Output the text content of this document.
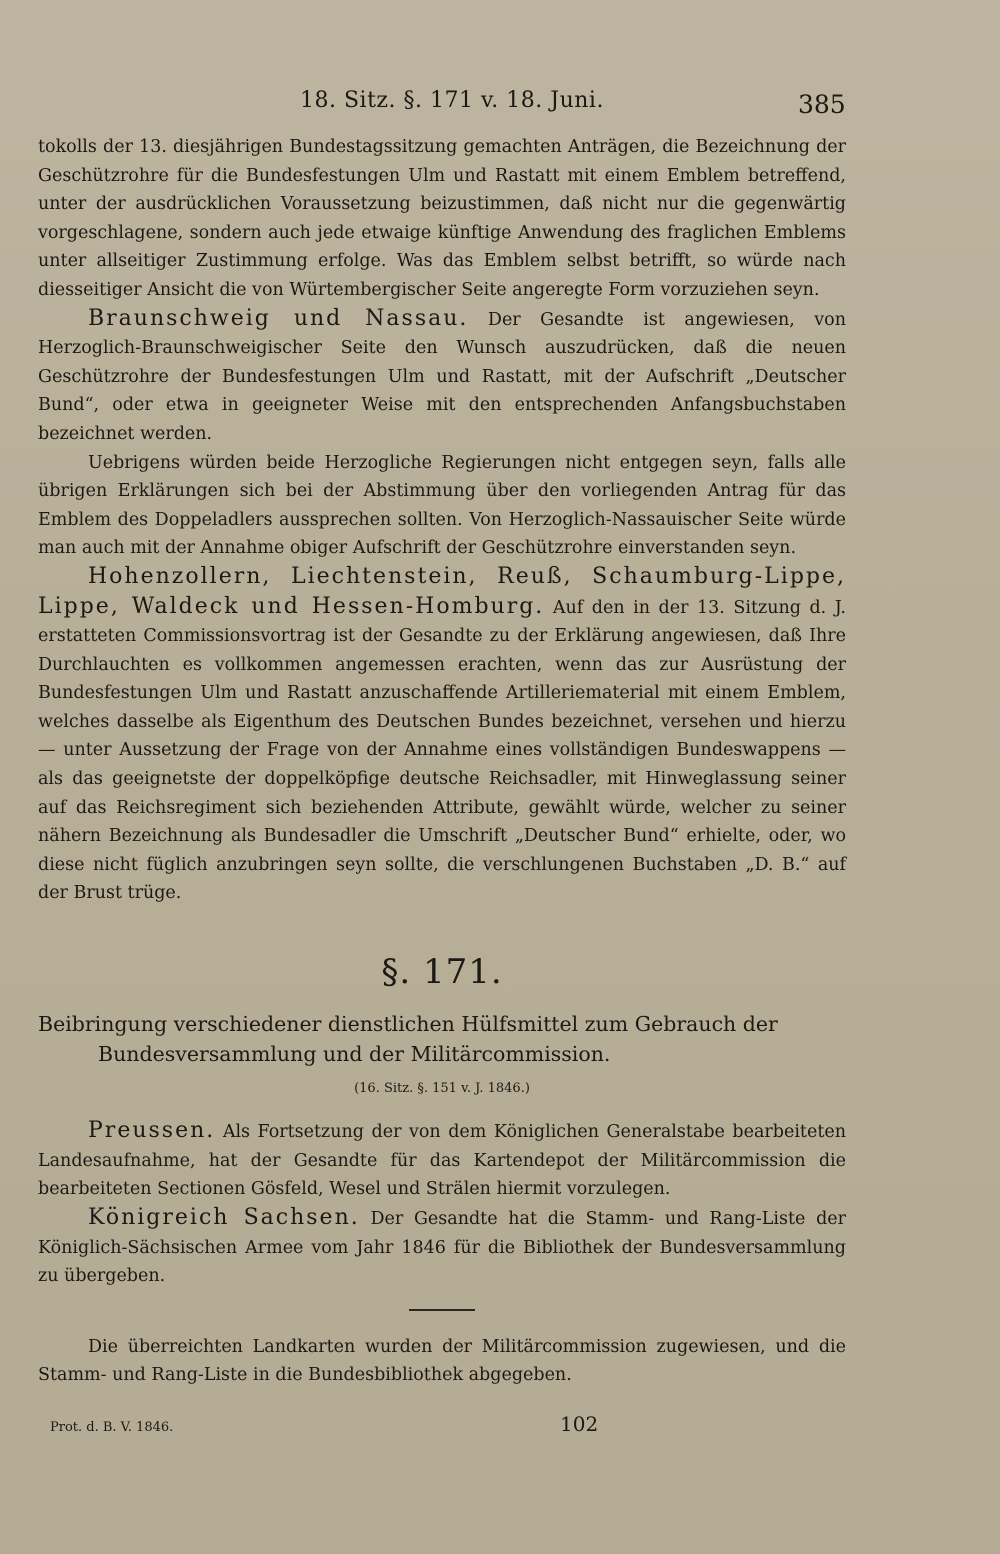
18. Sitz. §. 171 v. 18. Juni.	385

tokolls der 13. diesjährigen Bundestagssitzung gemachten Anträgen, die Bezeichnung der Geschützrohre für die Bundesfestungen Ulm und Rastatt mit einem Emblem betreffend, unter der ausdrücklichen Voraussetzung beizustimmen, daß nicht nur die gegenwärtig vorgeschlagene, sondern auch jede etwaige künftige Anwendung des fraglichen Emblems unter allseitiger Zustimmung erfolge. Was das Emblem selbst betrifft, so würde nach diesseitiger Ansicht die von Würtembergischer Seite angeregte Form vorzuziehen seyn.

Braunschweig und Nassau. Der Gesandte ist angewiesen, von Herzoglich-Braunschweigischer Seite den Wunsch auszudrücken, daß die neuen Geschützrohre der Bundesfestungen Ulm und Rastatt, mit der Aufschrift „Deutscher Bund“, oder etwa in geeigneter Weise mit den entsprechenden Anfangsbuchstaben bezeichnet werden.

Uebrigens würden beide Herzogliche Regierungen nicht entgegen seyn, falls alle übrigen Erklärungen sich bei der Abstimmung über den vorliegenden Antrag für das Emblem des Doppeladlers aussprechen sollten. Von Herzoglich-Nassauischer Seite würde man auch mit der Annahme obiger Aufschrift der Geschützrohre einverstanden seyn.

Hohenzollern, Liechtenstein, Reuß, Schaumburg-Lippe, Lippe, Waldeck und Hessen-Homburg. Auf den in der 13. Sitzung d. J. erstatteten Commissionsvortrag ist der Gesandte zu der Erklärung angewiesen, daß Ihre Durchlauchten es vollkommen angemessen erachten, wenn das zur Ausrüstung der Bundesfestungen Ulm und Rastatt anzuschaffende Artilleriematerial mit einem Emblem, welches dasselbe als Eigenthum des Deutschen Bundes bezeichnet, versehen und hierzu — unter Aussetzung der Frage von der Annahme eines vollständigen Bundeswappens — als das geeignetste der doppelköpfige deutsche Reichsadler, mit Hinweglassung seiner auf das Reichsregiment sich beziehenden Attribute, gewählt würde, welcher zu seiner nähern Bezeichnung als Bundesadler die Umschrift „Deutscher Bund“ erhielte, oder, wo diese nicht füglich anzubringen seyn sollte, die verschlungenen Buchstaben „D. B.“ auf der Brust trüge.

§. 171.

Beibringung verschiedener dienstlichen Hülfsmittel zum Gebrauch der Bundesversammlung und der Militärcommission.

(16. Sitz. §. 151 v. J. 1846.)

Preussen. Als Fortsetzung der von dem Königlichen Generalstabe bearbeiteten Landesaufnahme, hat der Gesandte für das Kartendepot der Militärcommission die bearbeiteten Sectionen Gösfeld, Wesel und Strälen hiermit vorzulegen.

Königreich Sachsen. Der Gesandte hat die Stamm- und Rang-Liste der Königlich-Sächsischen Armee vom Jahr 1846 für die Bibliothek der Bundesversammlung zu übergeben.

Die überreichten Landkarten wurden der Militärcommission zugewiesen, und die Stamm- und Rang-Liste in die Bundesbibliothek abgegeben.

Prot. d. B. V. 1846.	102
